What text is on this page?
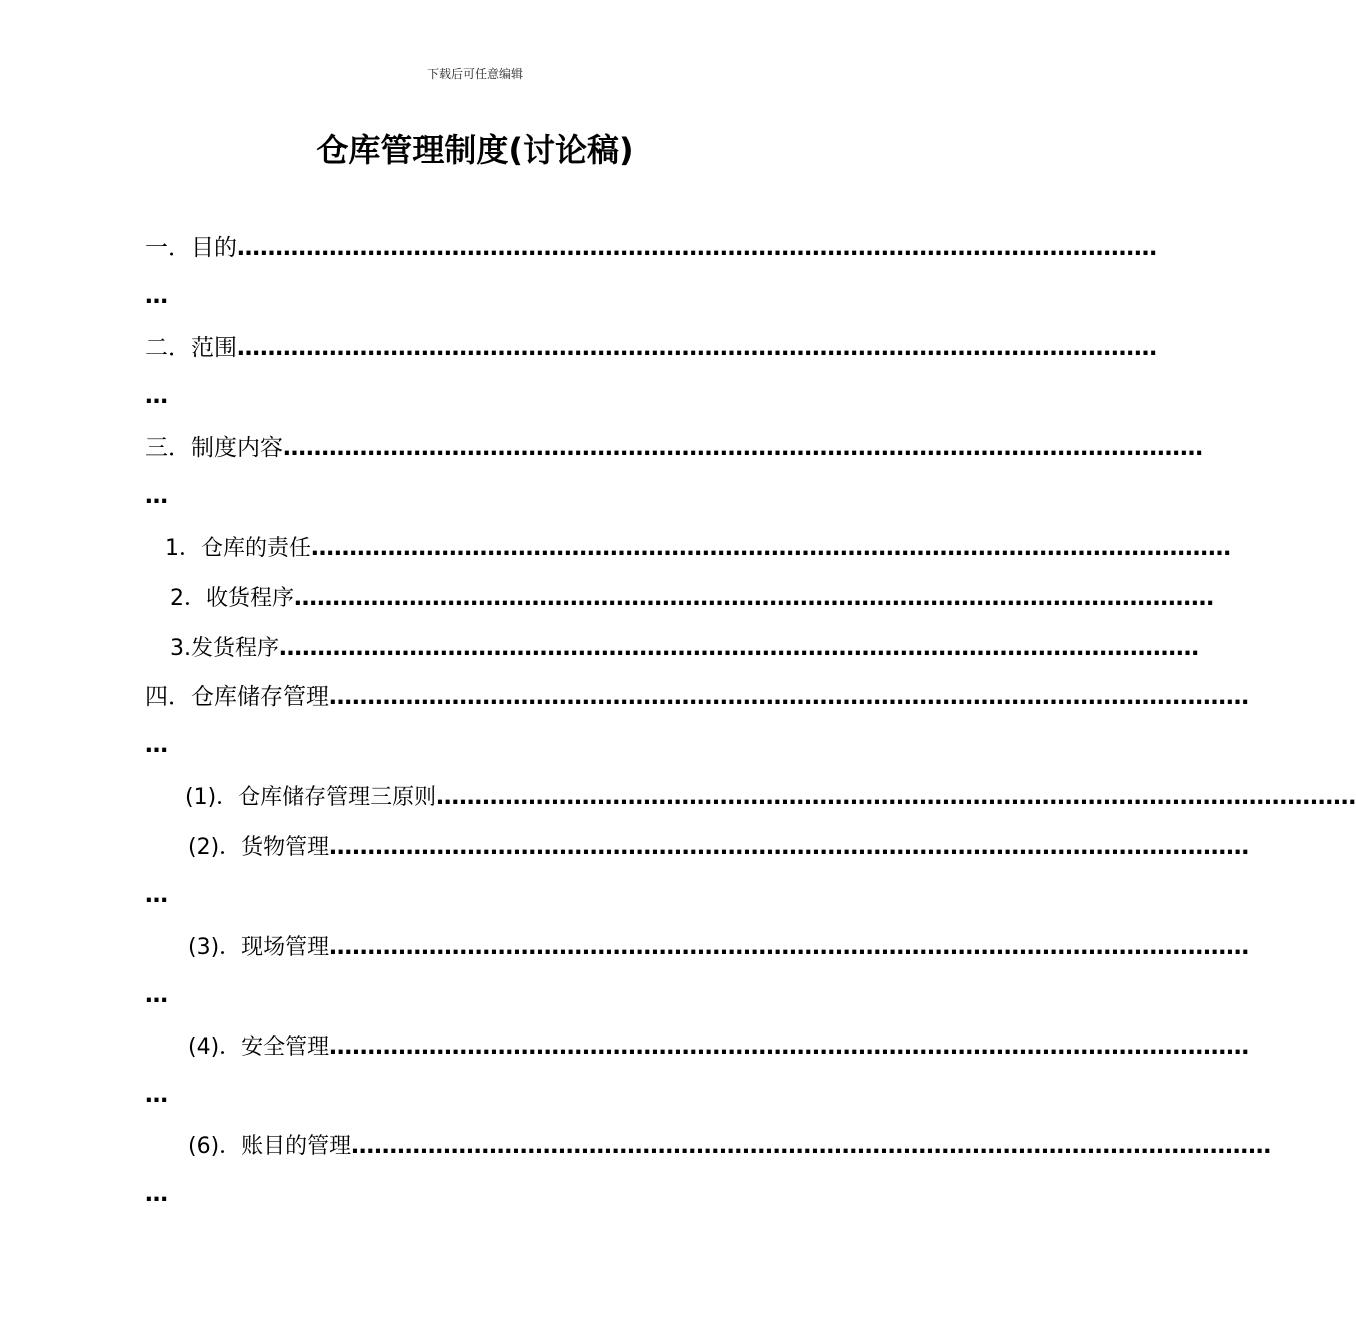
下载后可任意编辑
仓库管理制度(讨论稿)
一．目的…………………………………………………………………………………………………………
…
二．范围…………………………………………………………………………………………………………
…
三．制度内容…………………………………………………………………………………………………………
…
1．仓库的责任…………………………………………………………………………………………………………
2．收货程序…………………………………………………………………………………………………………
3.发货程序…………………………………………………………………………………………………………
四．仓库储存管理…………………………………………………………………………………………………………
…
(1)．仓库储存管理三原则…………………………………………………………………………………………………………
(2)．货物管理…………………………………………………………………………………………………………
…
(3)．现场管理…………………………………………………………………………………………………………
…
(4)．安全管理…………………………………………………………………………………………………………
…
(6)．账目的管理…………………………………………………………………………………………………………
…
